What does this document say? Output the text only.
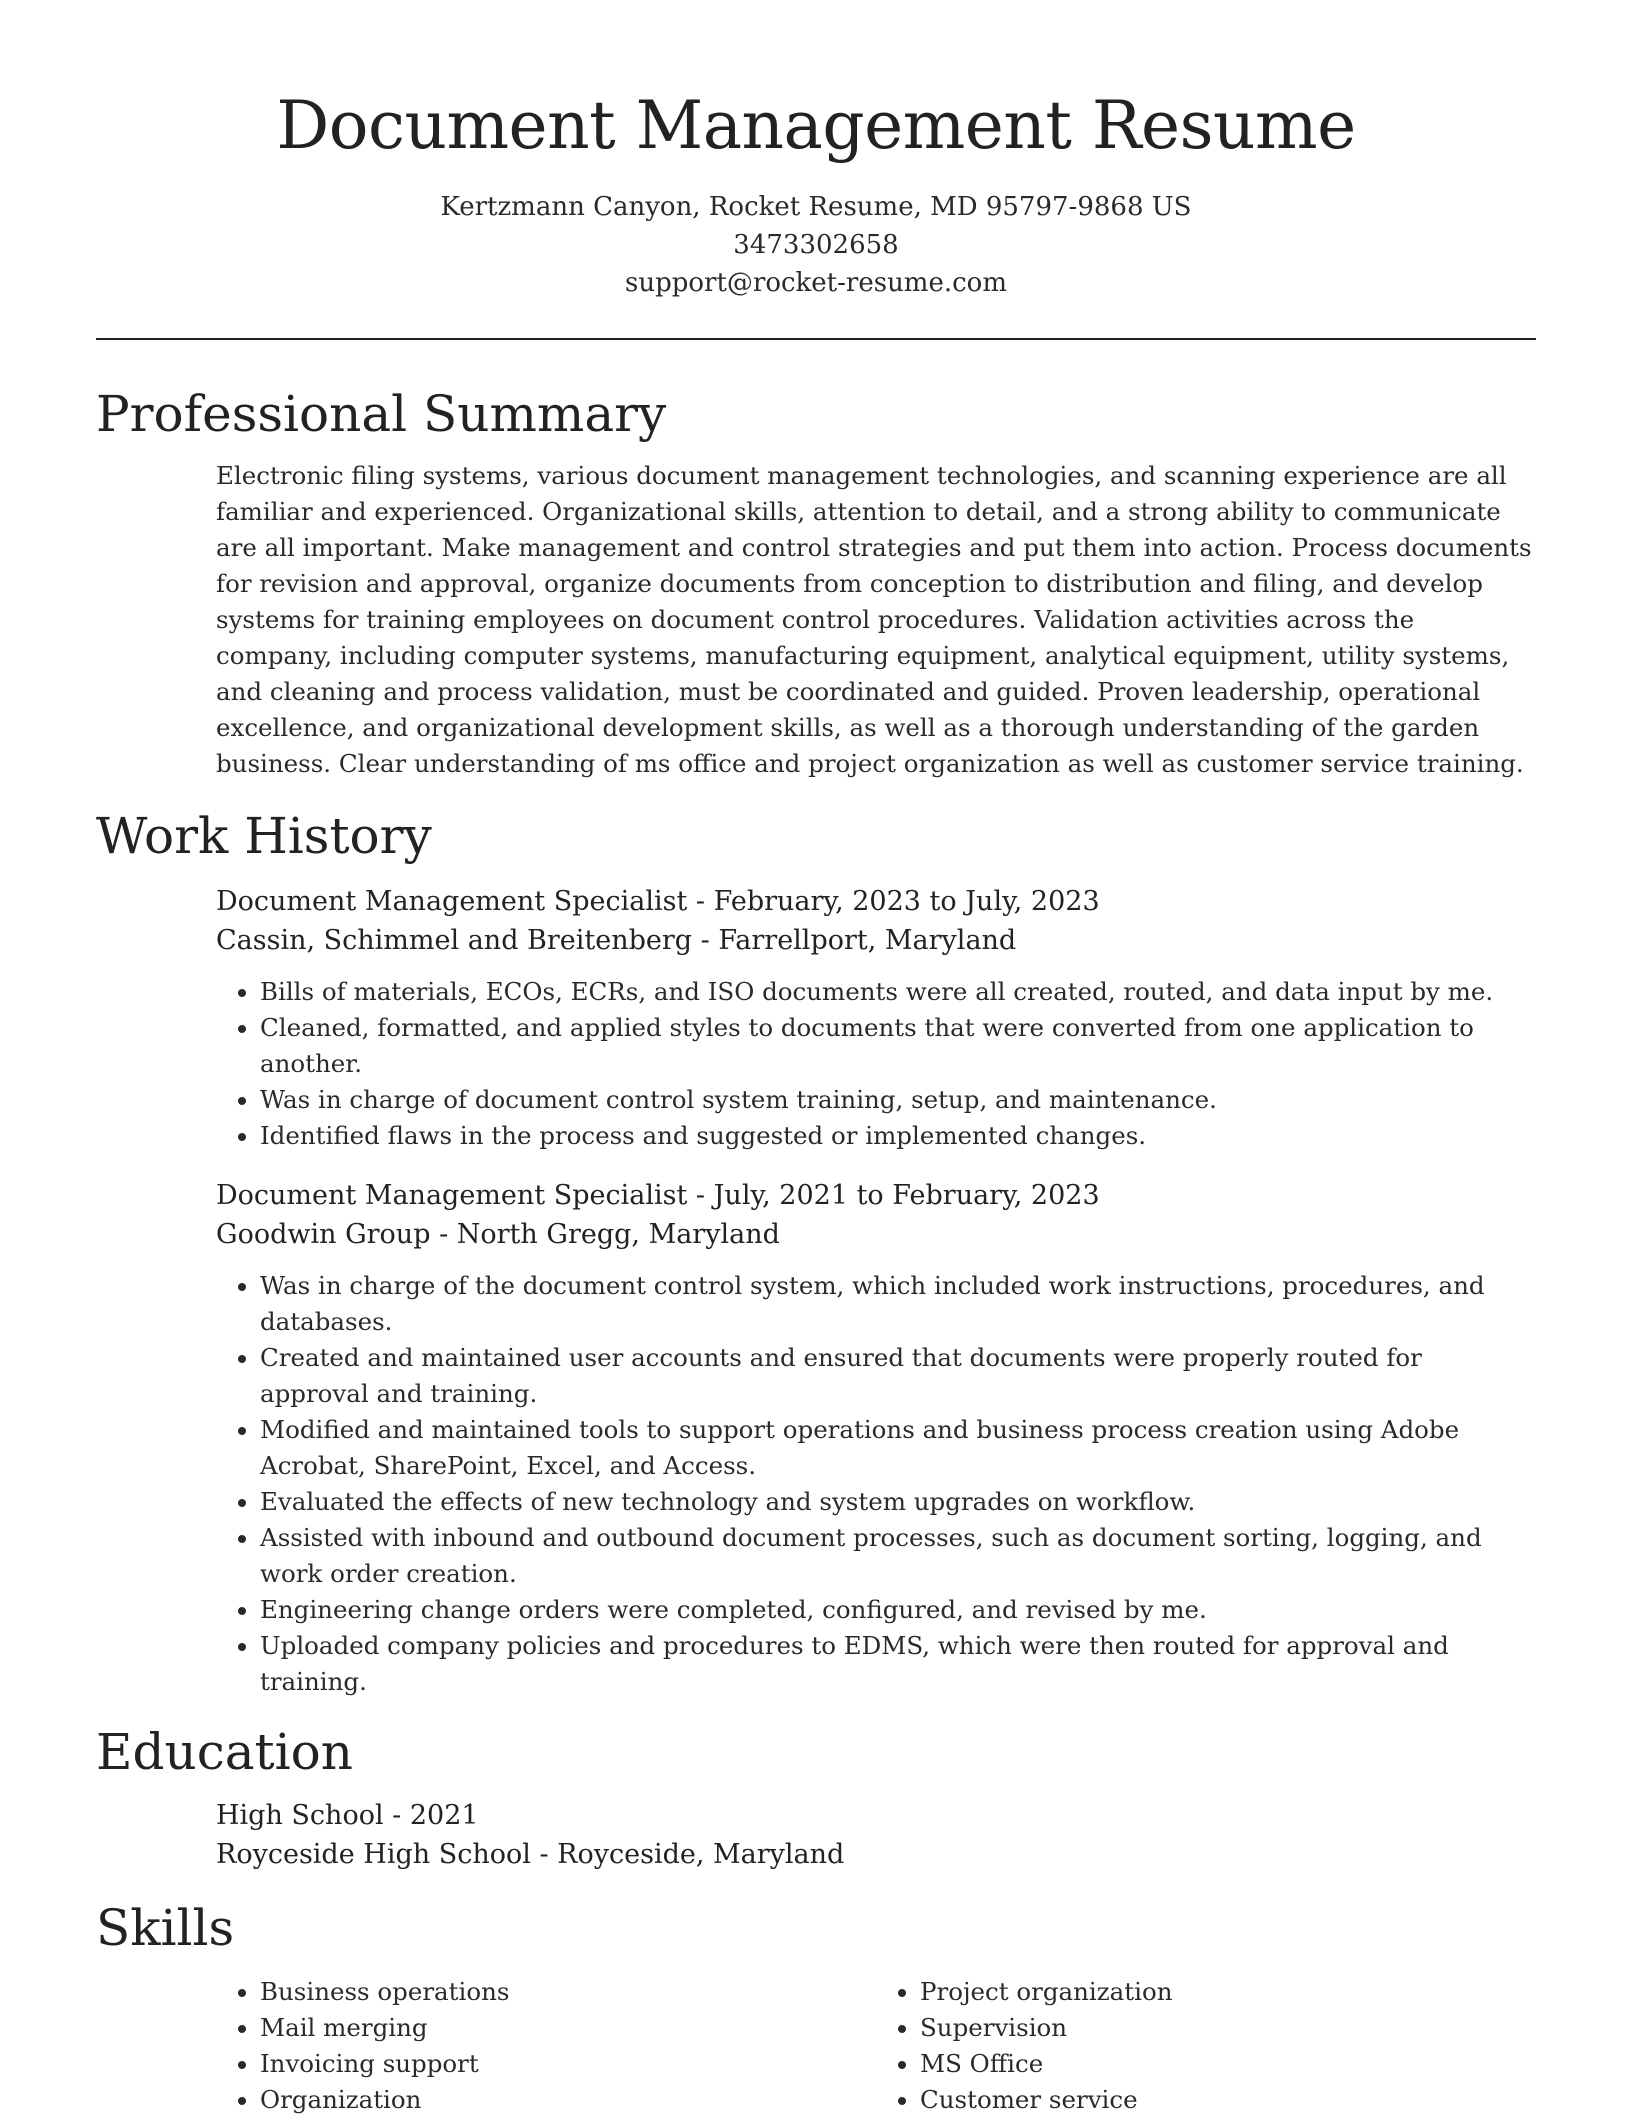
Document Management Resume
Kertzmann Canyon, Rocket Resume, MD 95797-9868 US
3473302658
support@rocket-resume.com
Professional Summary
Electronic filing systems, various document management technologies, and scanning experience are all familiar and experienced. Organizational skills, attention to detail, and a strong ability to communicate are all important. Make management and control strategies and put them into action. Process documents for revision and approval, organize documents from conception to distribution and filing, and develop systems for training employees on document control procedures. Validation activities across the company, including computer systems, manufacturing equipment, analytical equipment, utility systems, and cleaning and process validation, must be coordinated and guided. Proven leadership, operational excellence, and organizational development skills, as well as a thorough understanding of the garden business. Clear understanding of ms office and project organization as well as customer service training.
Work History
Document Management Specialist - February, 2023 to July, 2023
Cassin, Schimmel and Breitenberg - Farrellport, Maryland
• Bills of materials, ECOs, ECRs, and ISO documents were all created, routed, and data input by me.
• Cleaned, formatted, and applied styles to documents that were converted from one application to another.
• Was in charge of document control system training, setup, and maintenance.
• Identified flaws in the process and suggested or implemented changes.
Document Management Specialist - July, 2021 to February, 2023
Goodwin Group - North Gregg, Maryland
• Was in charge of the document control system, which included work instructions, procedures, and databases.
• Created and maintained user accounts and ensured that documents were properly routed for approval and training.
• Modified and maintained tools to support operations and business process creation using Adobe Acrobat, SharePoint, Excel, and Access.
• Evaluated the effects of new technology and system upgrades on workflow.
• Assisted with inbound and outbound document processes, such as document sorting, logging, and work order creation.
• Engineering change orders were completed, configured, and revised by me.
• Uploaded company policies and procedures to EDMS, which were then routed for approval and training.
Education
High School - 2021
Royceside High School - Royceside, Maryland
Skills
• Business operations
• Mail merging
• Invoicing support
• Organization
• Project organization
• Supervision
• MS Office
• Customer service
